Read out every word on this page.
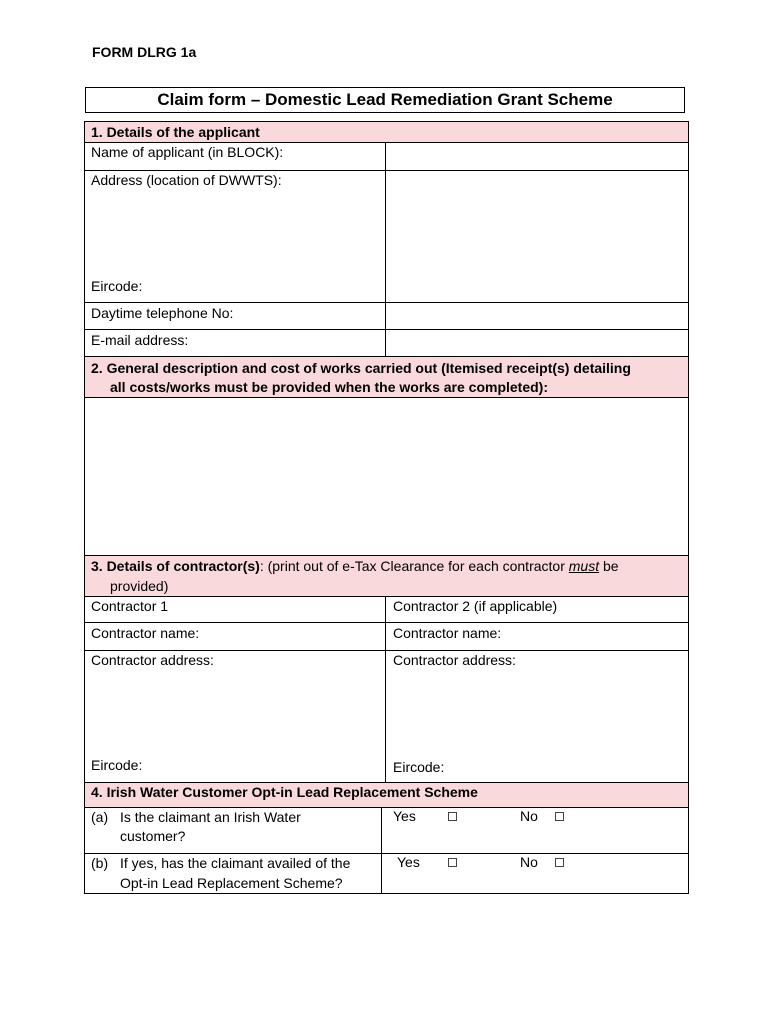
FORM DLRG 1a
Claim form – Domestic Lead Remediation Grant Scheme
1. Details of the applicant
Name of applicant (in BLOCK):
Address (location of DWWTS):
Eircode:
Daytime telephone No:
E-mail address:
2. General description and cost of works carried out (Itemised receipt(s) detailing
all costs/works must be provided when the works are completed):
3. Details of contractor(s): (print out of e-Tax Clearance for each contractor must be
provided)
Contractor 1	Contractor 2 (if applicable)
Contractor name:	Contractor name:
Contractor address:	Contractor address:
Eircode:	Eircode:
4. Irish Water Customer Opt-in Lead Replacement Scheme
(a) Is the claimant an Irish Water
customer?
Yes	No
(b) If yes, has the claimant availed of the
Opt-in Lead Replacement Scheme?
Yes	No
